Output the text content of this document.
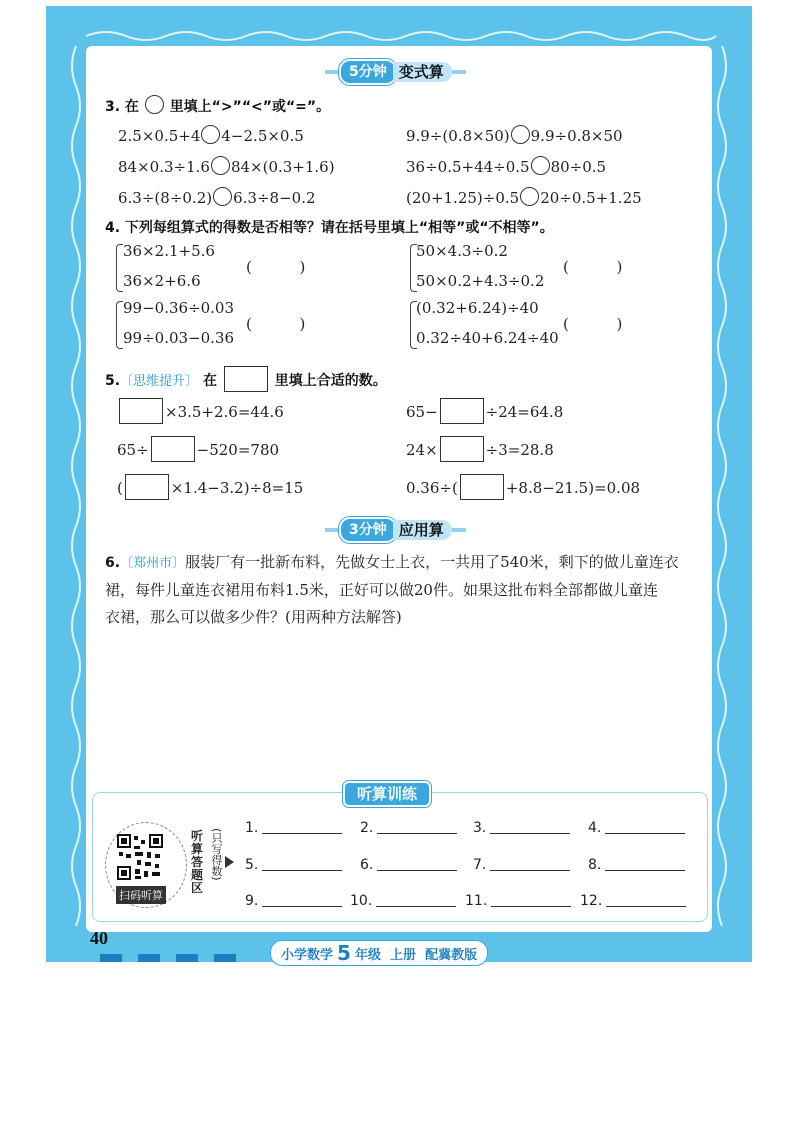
5分钟 变式算
3. 在 里填上“>”“<”或“=”。
2.5×0.5+4 4−2.5×0.5	9.9÷(0.8×50) 9.9÷0.8×50
84×0.3÷1.6 84×(0.3+1.6)	36÷0.5+44÷0.5 80÷0.5
6.3÷(8÷0.2) 6.3÷8−0.2	(20+1.25)÷0.5 20÷0.5+1.25
4. 下列每组算式的得数是否相等？请在括号里填上“相等”或“不相等”。
36×2.1+5.6
36×2+6.6
(          )
50×4.3÷0.2
50×0.2+4.3÷0.2
(          )
99−0.36÷0.03
99÷0.03−0.36
(          )
(0.32+6.24)÷40
0.32÷40+6.24÷40
(          )
5.〔思维提升〕 在	里填上合适的数。
×3.5+2.6=44.6	65−	÷24=64.8
65÷	−520=780	24×	÷3=28.8
(	×1.4−3.2)÷8=15	0.36÷(	+8.8−21.5)=0.08
3分钟 应用算
6.〔郑州市〕服装厂有一批新布料，先做女士上衣，一共用了540米，剩下的做儿童连衣
裙，每件儿童连衣裙用布料1.5米，正好可以做20件。如果这批布料全部都做儿童连
衣裙，那么可以做多少件？(用两种方法解答)
听算训练
扫码听算
听算答题区
(只写得数) 1.	2.	3.	4.
5.	6.	7.	8.
9.	10.	11.	12.
40
小学数学 5 年级
上册
配冀教版
